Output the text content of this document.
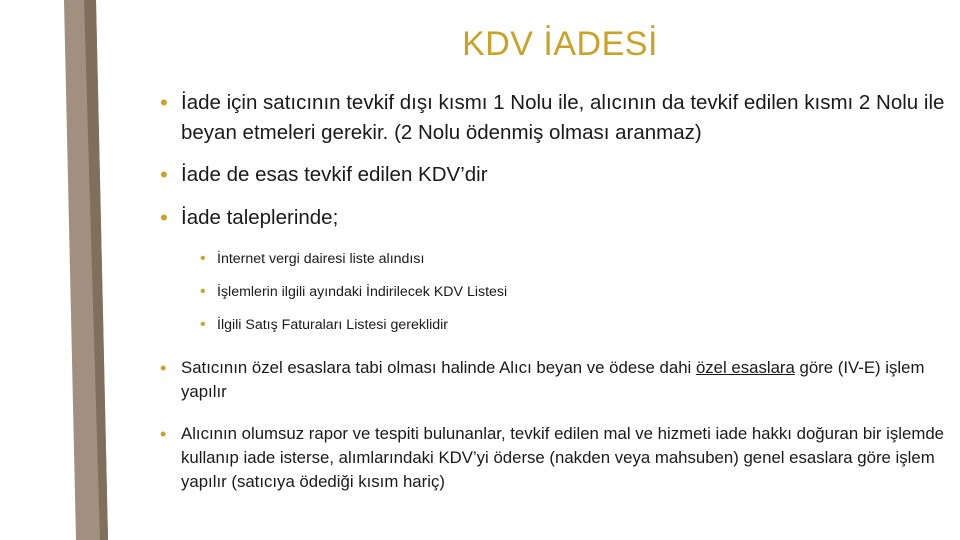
KDV İADESİ
• İade için satıcının tevkif dışı kısmı 1 Nolu ile, alıcının da tevkif edilen kısmı 2 Nolu ile beyan etmeleri gerekir. (2 Nolu ödenmiş olması aranmaz)
• İade de esas tevkif edilen KDV’dir
• İade taleplerinde;
• İnternet vergi dairesi liste alındısı
• İşlemlerin ilgili ayındaki İndirilecek KDV Listesi
• İlgili Satış Faturaları Listesi gereklidir
• Satıcının özel esaslara tabi olması halinde Alıcı beyan ve ödese dahi özel esaslara göre (IV-E) işlem yapılır
• Alıcının olumsuz rapor ve tespiti bulunanlar, tevkif edilen mal ve hizmeti iade hakkı doğuran bir işlemde kullanıp iade isterse, alımlarındaki KDV’yi öderse (nakden veya mahsuben) genel esaslara göre işlem yapılır (satıcıya ödediği kısım hariç)
